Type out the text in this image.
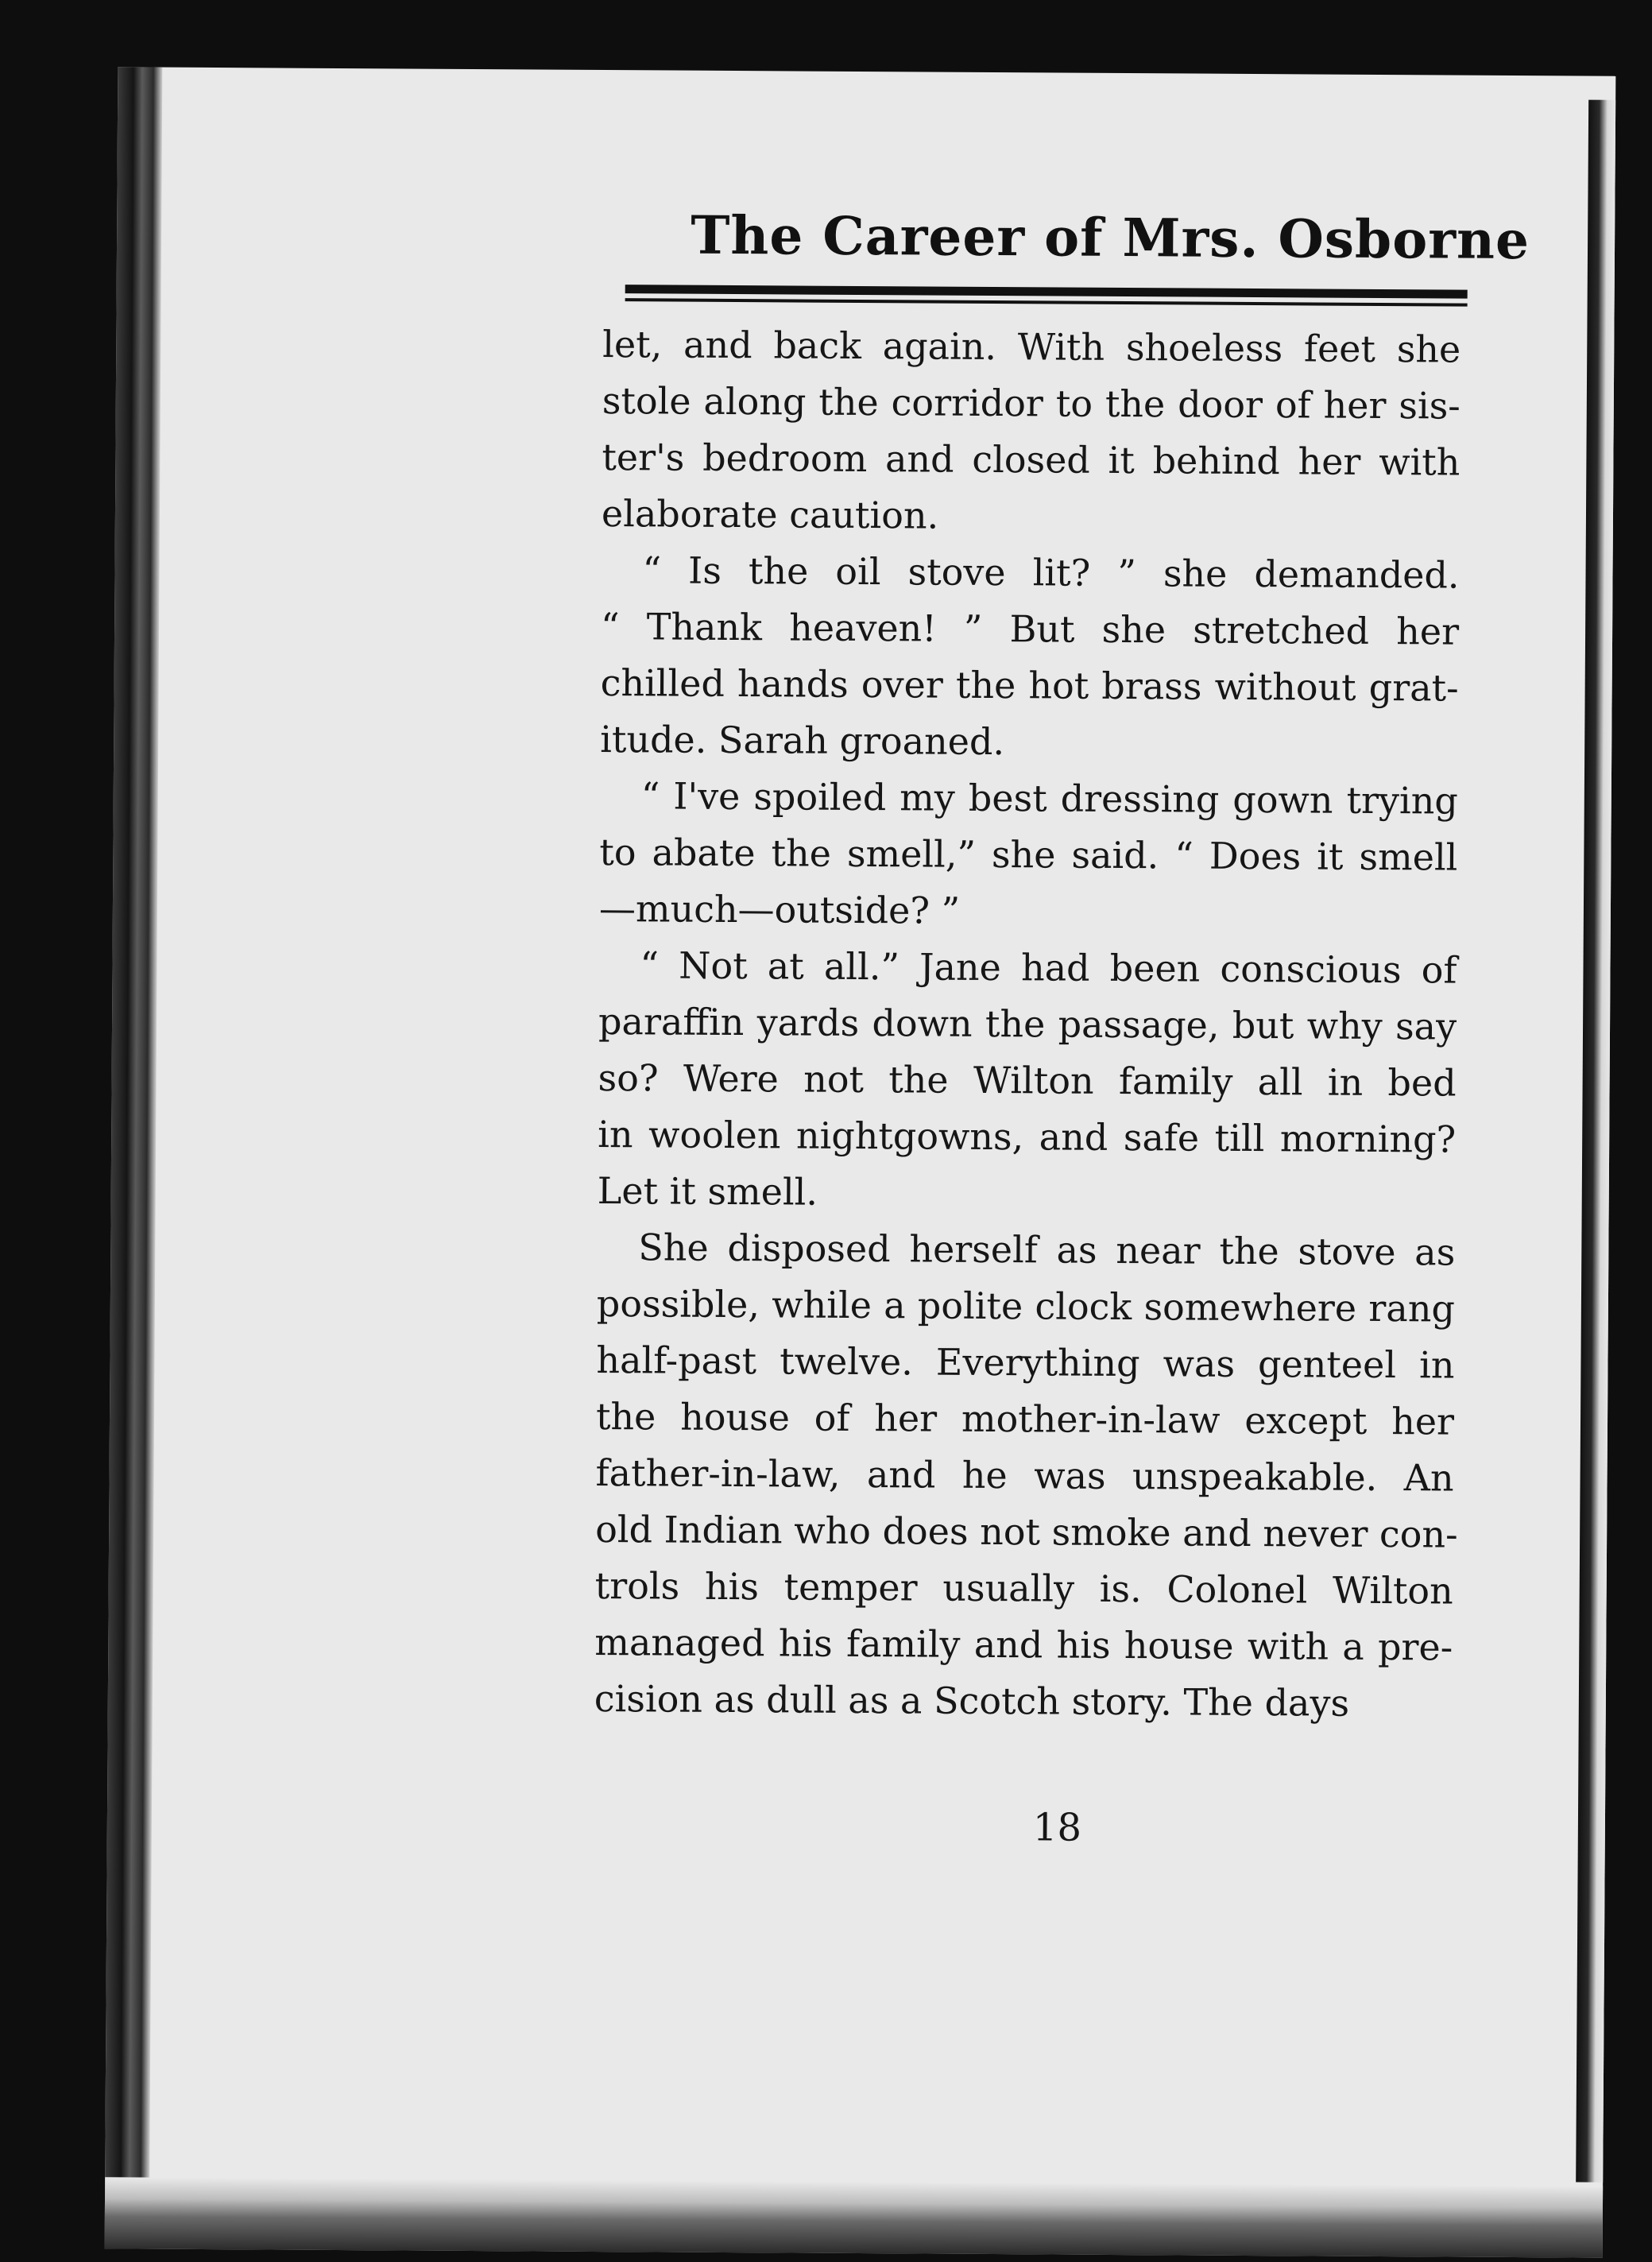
The Career of Mrs. Osborne
let, and back again. With shoeless feet she
stole along the corridor to the door of her sis-
ter's bedroom and closed it behind her with
elaborate caution.
“ Is the oil stove lit? ” she demanded.
“ Thank heaven! ” But she stretched her
chilled hands over the hot brass without grat-
itude. Sarah groaned.
“ I've spoiled my best dressing gown trying
to abate the smell,” she said. “ Does it smell
—much—outside? ”
“ Not at all.” Jane had been conscious of
paraffin yards down the passage, but why say
so? Were not the Wilton family all in bed
in woolen nightgowns, and safe till morning?
Let it smell.
She disposed herself as near the stove as
possible, while a polite clock somewhere rang
half-past twelve. Everything was genteel in
the house of her mother-in-law except her
father-in-law, and he was unspeakable. An
old Indian who does not smoke and never con-
trols his temper usually is. Colonel Wilton
managed his family and his house with a pre-
cision as dull as a Scotch story. The days
18
